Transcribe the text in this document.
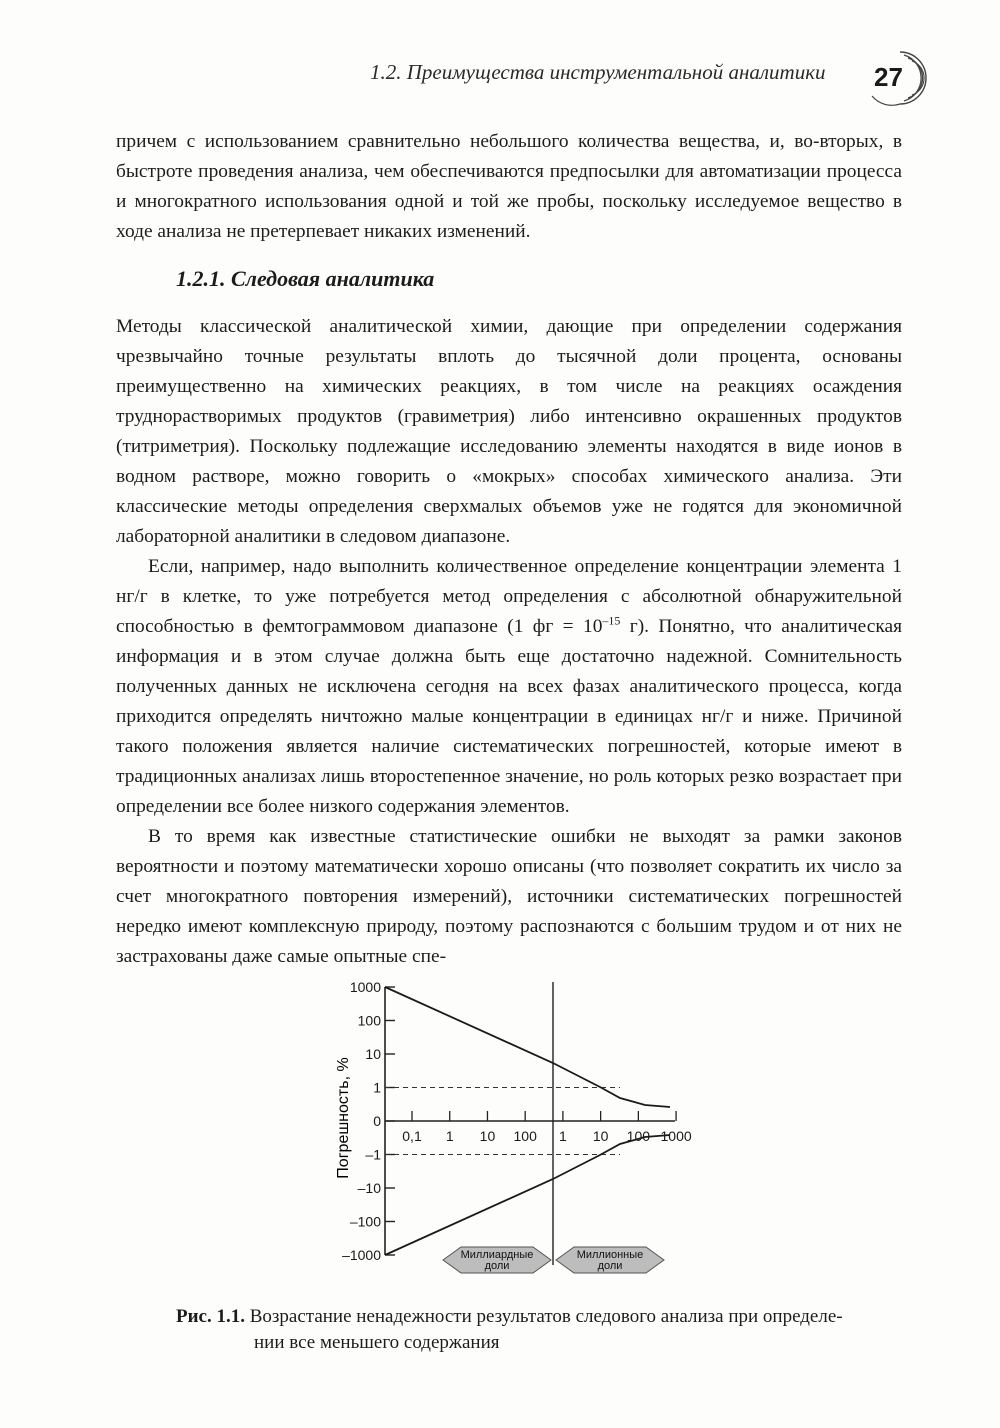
1.2. Преимущества инструментальной аналитики	27

причем с использованием сравнительно небольшого количества вещества, и, во-вторых, в быстроте проведения анализа, чем обеспечиваются предпосылки для автоматизации процесса и многократного использования одной и той же пробы, поскольку исследуемое вещество в ходе анализа не претерпевает никаких изменений.

1.2.1. Следовая аналитика

Методы классической аналитической химии, дающие при определении содержания чрезвычайно точные результаты вплоть до тысячной доли процента, основаны преимущественно на химических реакциях, в том числе на реакциях осаждения труднорастворимых продуктов (гравиметрия) либо интенсивно окрашенных продуктов (титриметрия). Поскольку подлежащие исследованию элементы находятся в виде ионов в водном растворе, можно говорить о «мокрых» способах химического анализа. Эти классические методы определения сверхмалых объемов уже не годятся для экономичной лабораторной аналитики в следовом диапазоне.

Если, например, надо выполнить количественное определение концентрации элемента 1 нг/г в клетке, то уже потребуется метод определения с абсолютной обнаружительной способностью в фемтограммовом диапазоне (1 фг = $10^{-15}$ г). Понятно, что аналитическая информация и в этом случае должна быть еще достаточно надежной. Сомнительность полученных данных не исключена сегодня на всех фазах аналитического процесса, когда приходится определять ничтожно малые концентрации в единицах нг/г и ниже. Причиной такого положения является наличие систематических погрешностей, которые имеют в традиционных анализах лишь второстепенное значение, но роль которых резко возрастает при определении все более низкого содержания элементов.

В то время как известные статистические ошибки не выходят за рамки законов вероятности и поэтому математически хорошо описаны (что позволяет сократить их число за счет многократного повторения измерений), источники систематических погрешностей нередко имеют комплексную природу, поэтому распознаются с большим трудом и от них не застрахованы даже самые опытные спе-

Погрешность, %
1000
100
10
1
0
–1
–10
–100
–1000
0,1 1 10 100 1 10 100 1000
Миллиардные
доли
Миллионные
доли
Рис. 1.1. Возрастание ненадежности результатов следового анализа при определе-
нии все меньшего содержания
